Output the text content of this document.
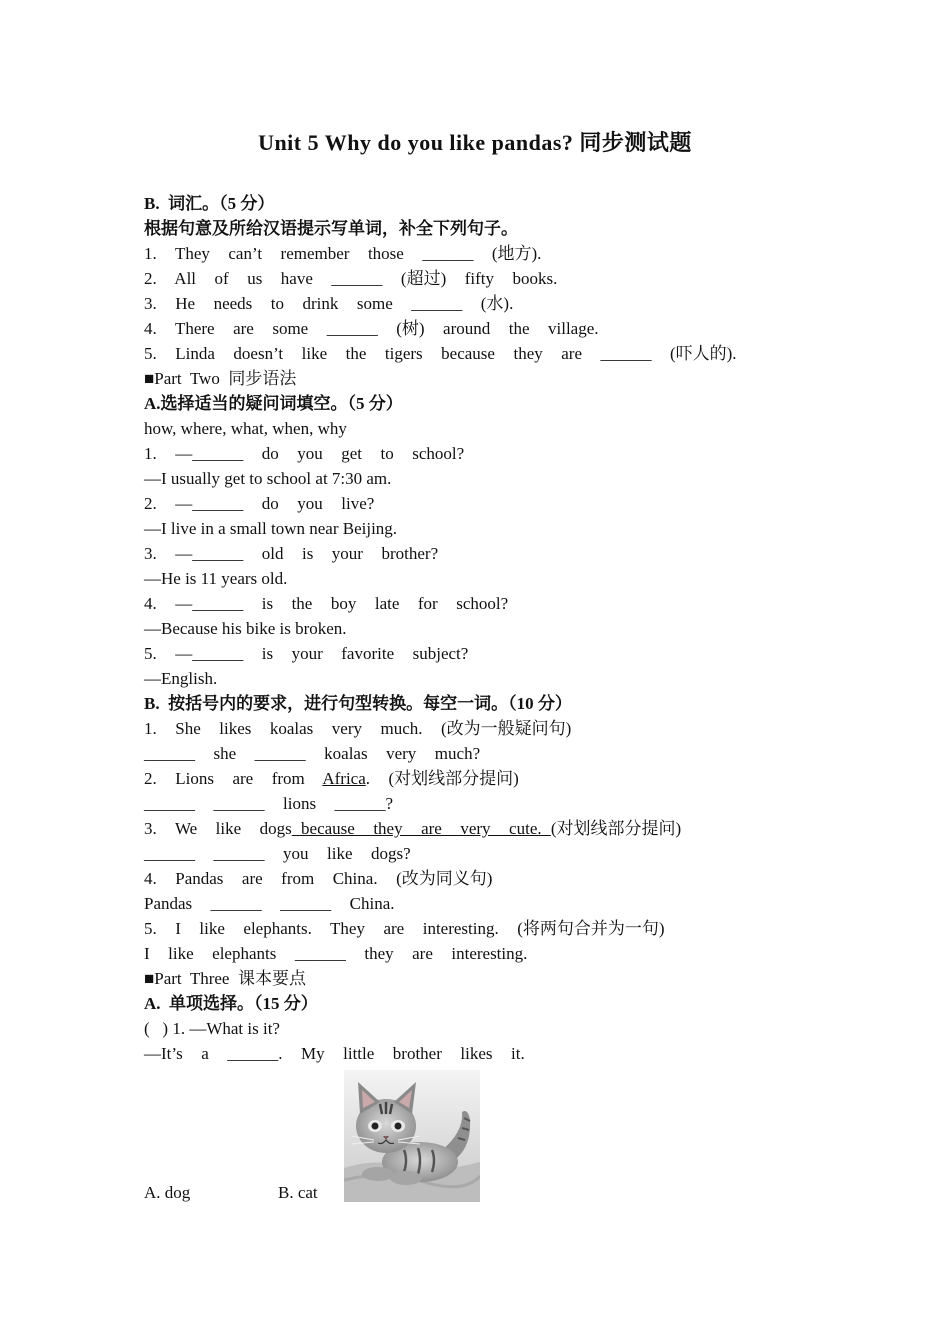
Unit 5 Why do you like pandas? 同步测试题
B.  词汇。（5 分）
根据句意及所给汉语提示写单词，补全下列句子。
1.  They  can’t  remember  those  ______  (地方).
2.  All  of  us  have  ______  (超过)  fifty  books.
3.  He  needs  to  drink  some  ______  (水).
4.  There  are  some  ______  (树)  around  the  village.
5.  Linda  doesn’t  like  the  tigers  because  they  are  ______  (吓人的).
■Part  Two  同步语法
A.选择适当的疑问词填空。（5 分）
how, where, what, when, why
1.  —______  do  you  get  to  school?
—I usually get to school at 7:30 am.
2.  —______  do  you  live?
—I live in a small town near Beijing.
3.  —______  old  is  your  brother?
—He is 11 years old.
4.  —______  is  the  boy  late  for  school?
—Because his bike is broken.
5.  —______  is  your  favorite  subject?
—English.
B.  按括号内的要求，进行句型转换。每空一词。（10 分）
1.  She  likes  koalas  very  much.  (改为一般疑问句)
______  she  ______  koalas  very  much?
2.  Lions  are  from  Africa.  (对划线部分提问)
______  ______  lions  ______?
3.  We  like  dogs because  they  are  very  cute. (对划线部分提问)
______  ______  you  like  dogs?
4.  Pandas  are  from  China.  (改为同义句)
Pandas  ______  ______  China.
5.  I  like  elephants.  They  are  interesting.  (将两句合并为一句)
I  like  elephants  ______  they  are  interesting.
■Part  Three  课本要点
A.  单项选择。（15 分）
(   ) 1. —What is it?
—It’s  a  ______.  My  little  brother  likes  it.
A. dog	B. cat
